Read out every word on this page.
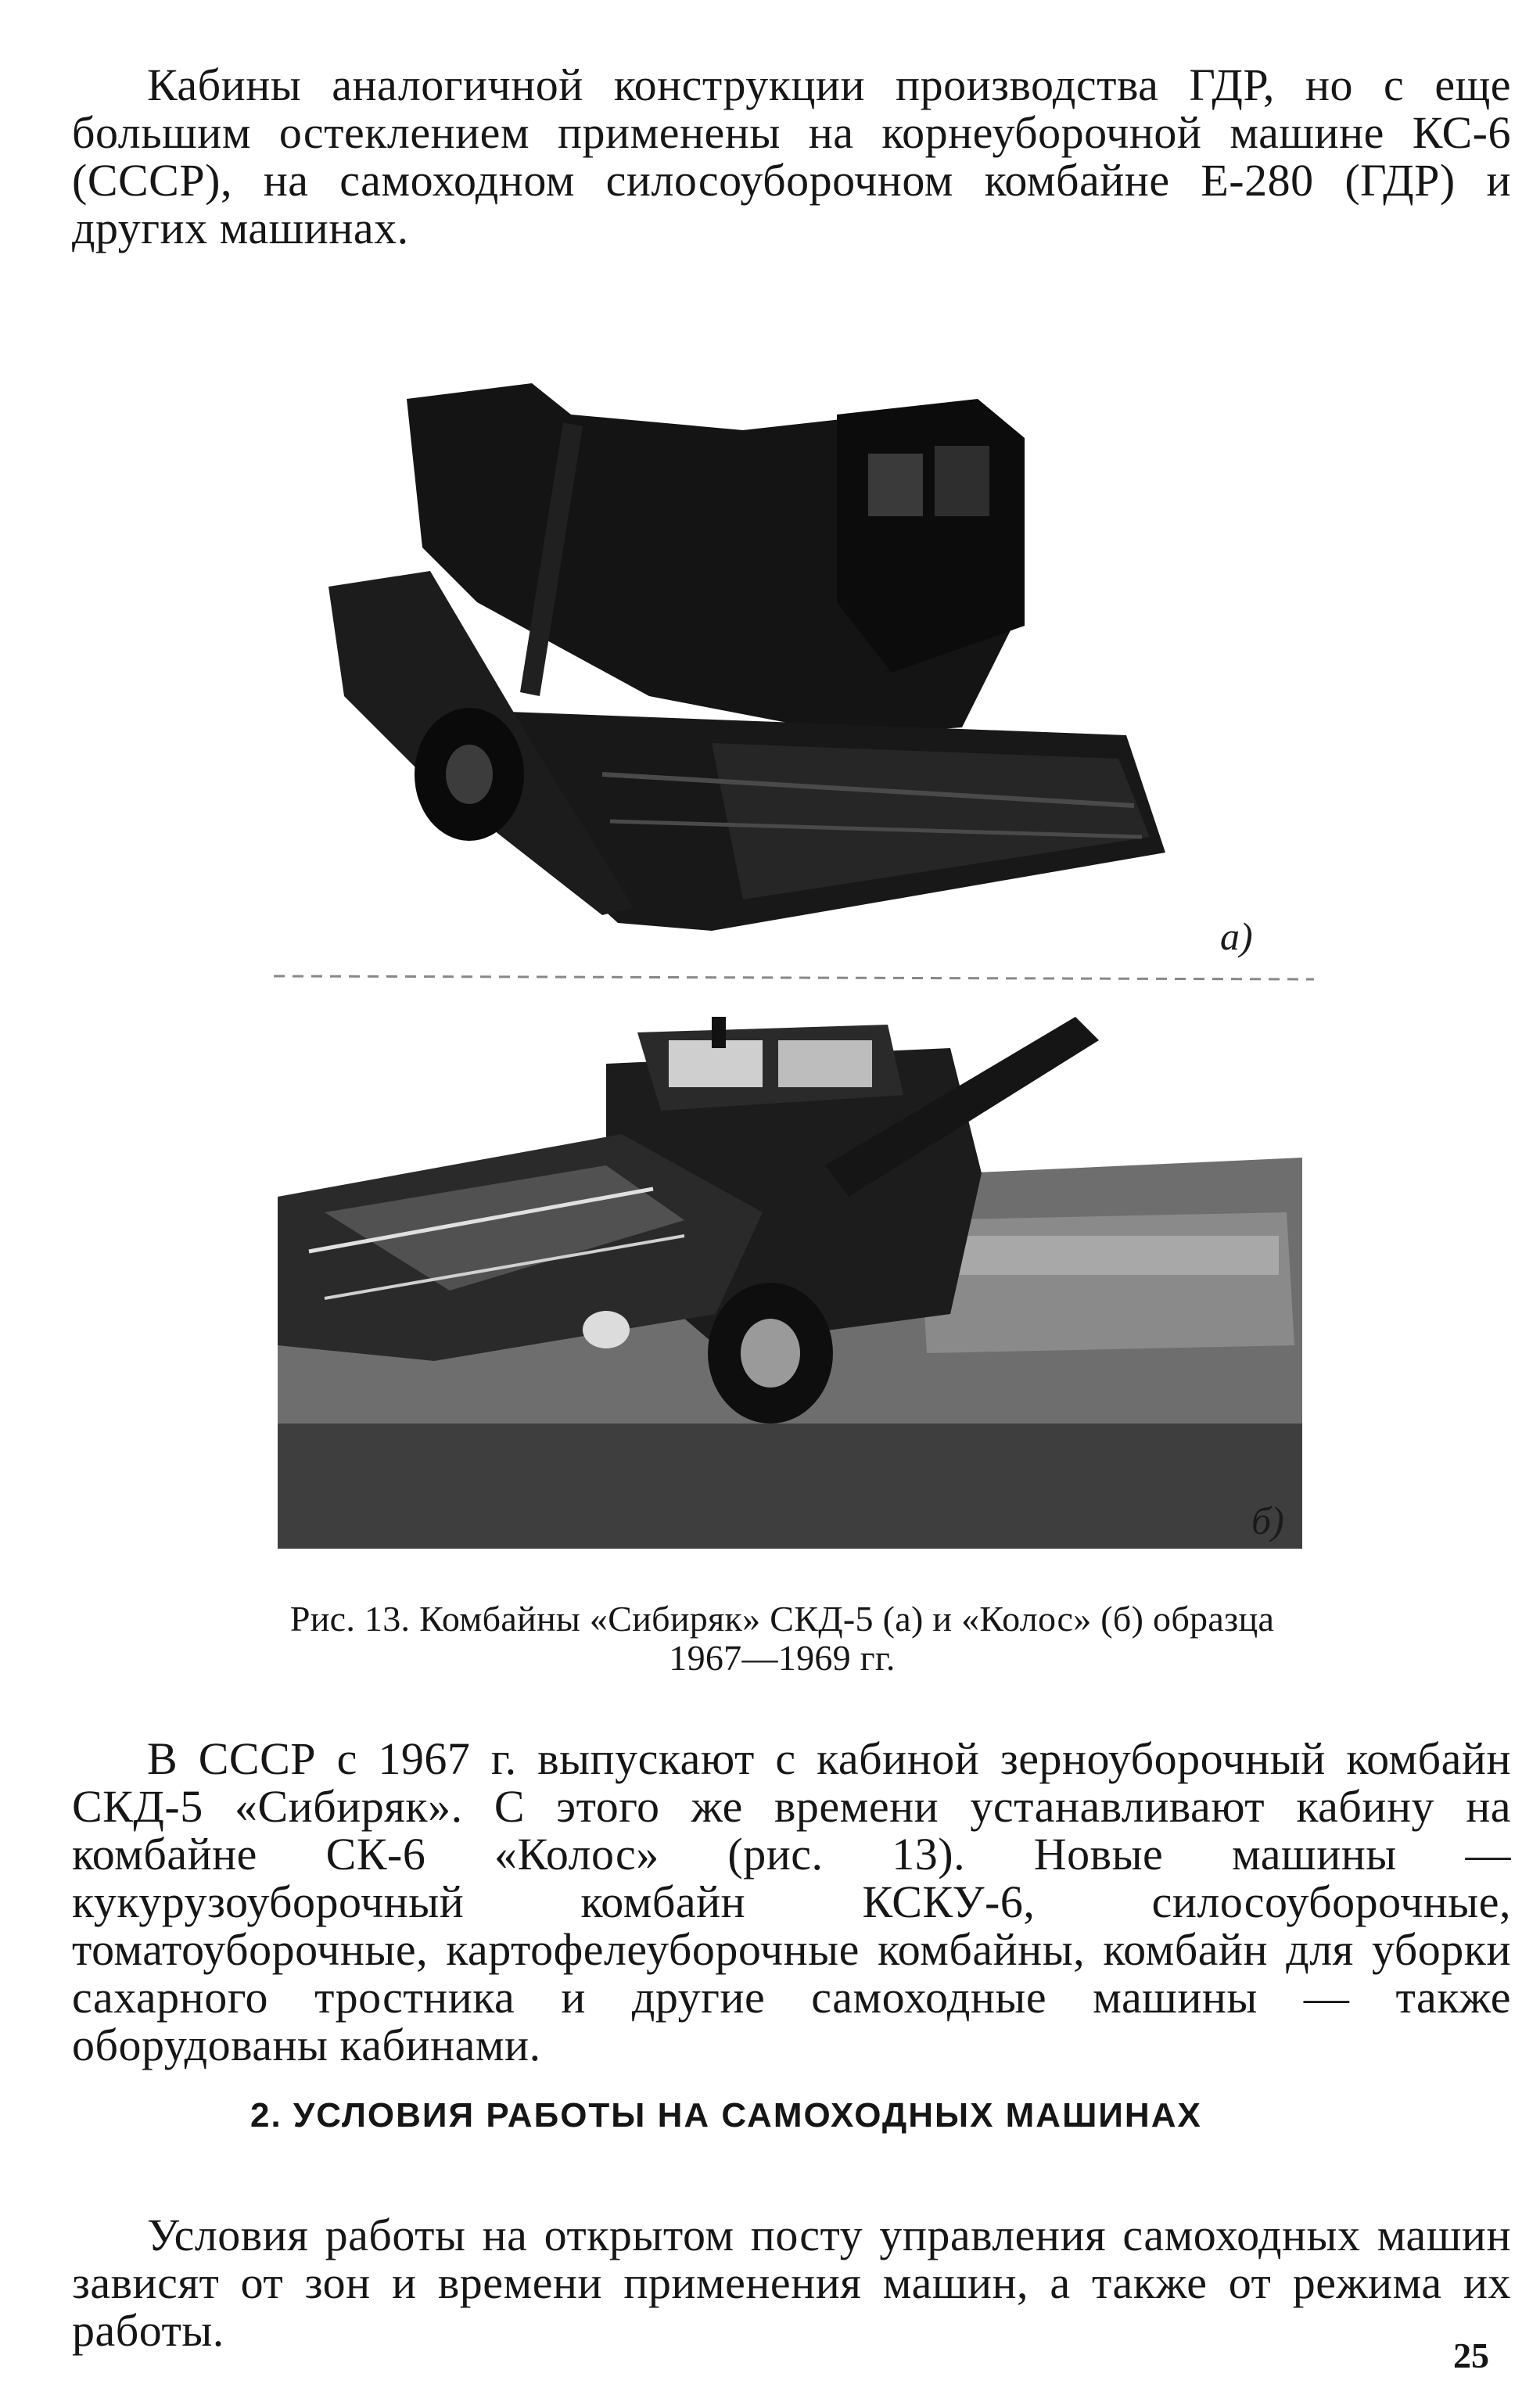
Кабины аналогичной конструкции производства ГДР, но с еще большим остеклением применены на корнеуборочной машине КС-6 (СССР), на самоходном силосоуборочном комбайне Е-280 (ГДР) и других машинах.

а)
б)

Рис. 13. Комбайны «Сибиряк» СКД-5 (а) и «Колос» (б) образца 1967—1969 гг.

В СССР с 1967 г. выпускают с кабиной зерноуборочный комбайн СКД-5 «Сибиряк». С этого же времени устанавливают кабину на комбайне СК-6 «Колос» (рис. 13). Новые машины — кукурузоуборочный комбайн КСКУ-6, силосоуборочные, томатоуборочные, картофелеуборочные комбайны, комбайн для уборки сахарного тростника и другие самоходные машины — также оборудованы кабинами.

2. УСЛОВИЯ РАБОТЫ НА САМОХОДНЫХ МАШИНАХ

Условия работы на открытом посту управления самоходных машин зависят от зон и времени применения машин, а также от режима их работы.	25
